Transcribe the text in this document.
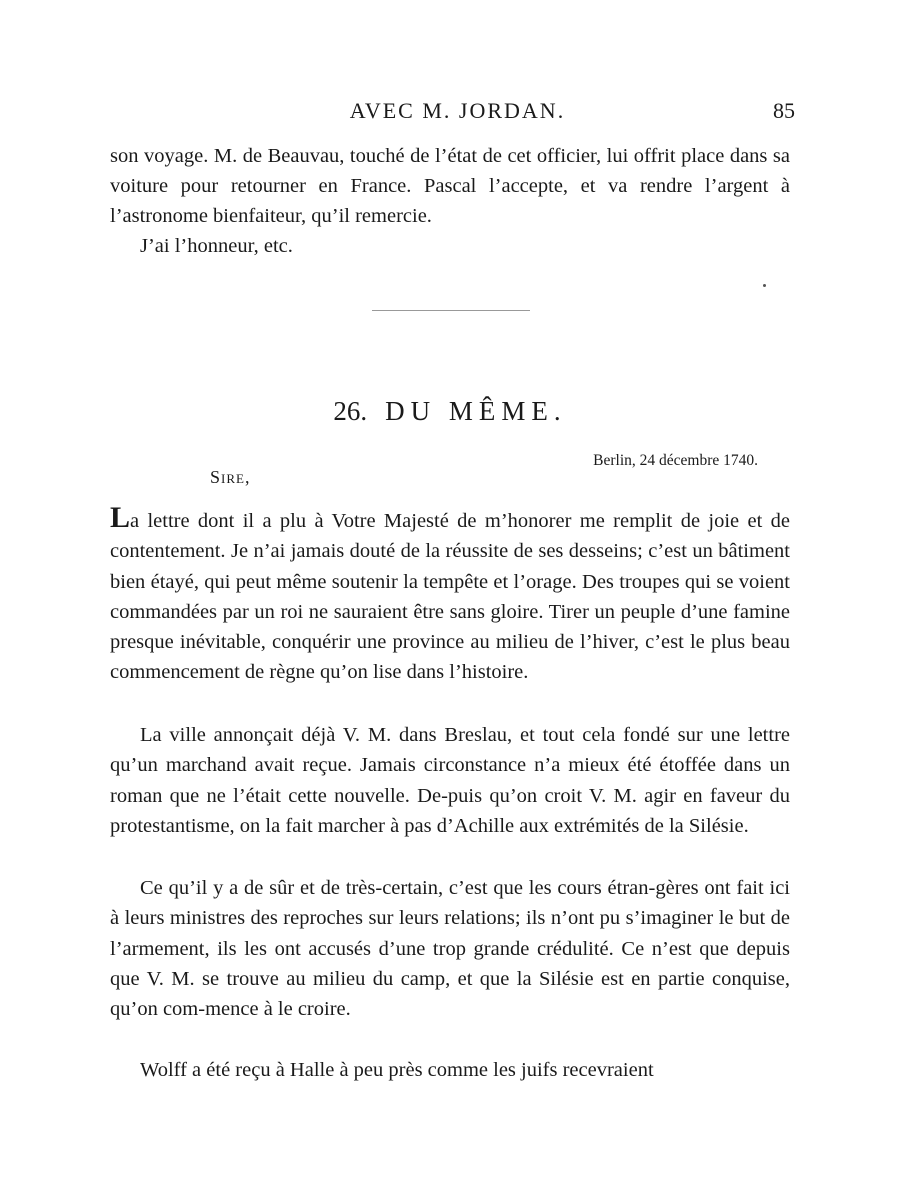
AVEC M. JORDAN.	85

son voyage. M. de Beauvau, touché de l’état de cet officier, lui offrit place dans sa voiture pour retourner en France. Pascal l’accepte, et va rendre l’argent à l’astronome bienfaiteur, qu’il remercie.

J’ai l’honneur, etc.

26. DU MÊME.
Berlin, 24 décembre 1740.
Sire,

La lettre dont il a plu à Votre Majesté de m’honorer me remplit de joie et de contentement. Je n’ai jamais douté de la réussite de ses desseins; c’est un bâtiment bien étayé, qui peut même soutenir la tempête et l’orage. Des troupes qui se voient commandées par un roi ne sauraient être sans gloire. Tirer un peuple d’une famine presque inévitable, conquérir une province au milieu de l’hiver, c’est le plus beau commencement de règne qu’on lise dans l’histoire.

La ville annonçait déjà V. M. dans Breslau, et tout cela fondé sur une lettre qu’un marchand avait reçue. Jamais circonstance n’a mieux été étoffée dans un roman que ne l’était cette nouvelle. De-puis qu’on croit V. M. agir en faveur du protestantisme, on la fait marcher à pas d’Achille aux extrémités de la Silésie.

Ce qu’il y a de sûr et de très-certain, c’est que les cours étran-gères ont fait ici à leurs ministres des reproches sur leurs relations; ils n’ont pu s’imaginer le but de l’armement, ils les ont accusés d’une trop grande crédulité. Ce n’est que depuis que V. M. se trouve au milieu du camp, et que la Silésie est en partie conquise, qu’on com-mence à le croire.

Wolff a été reçu à Halle à peu près comme les juifs recevraient
